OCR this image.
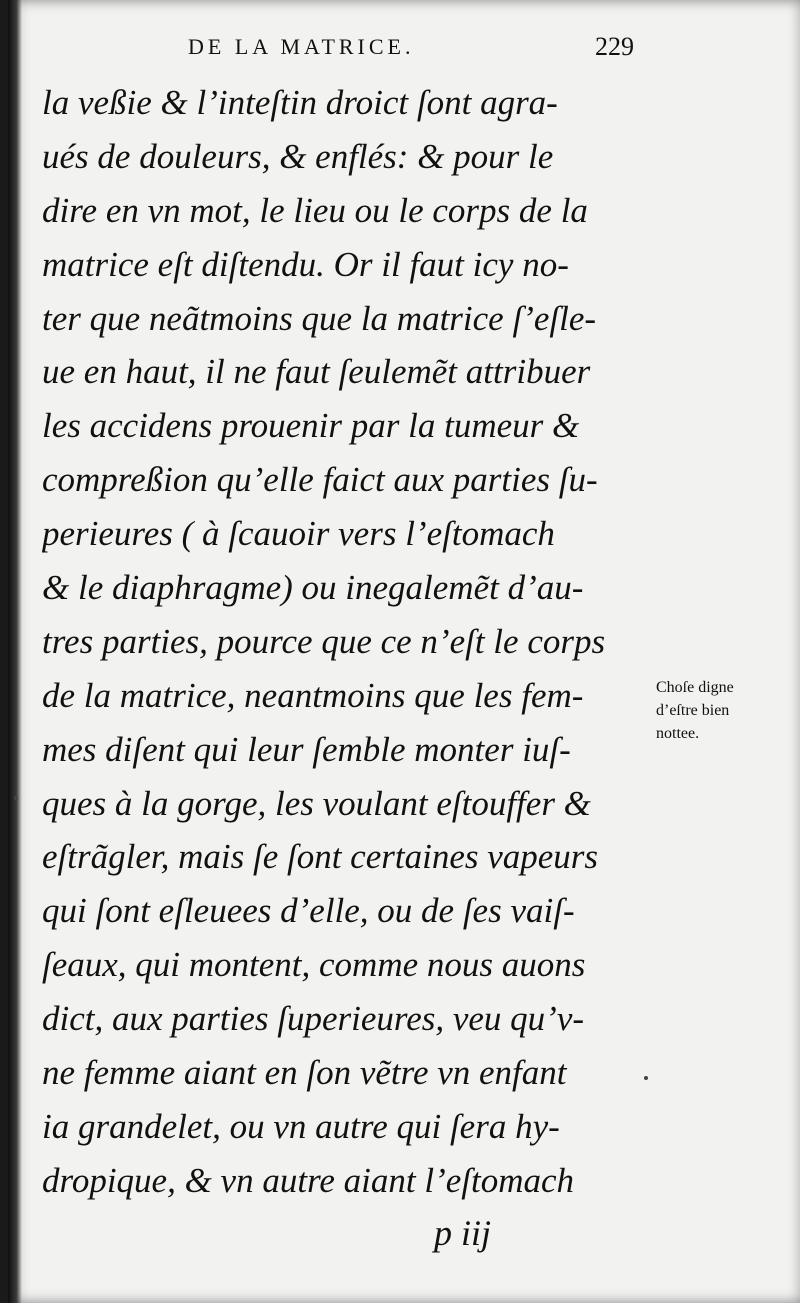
DE LA MATRICE.	229
la veßie & l’inteſtin droict ſont agra-
ués de douleurs, & enflés: & pour le
dire en vn mot, le lieu ou le corps de la
matrice eſt diſtendu. Or il faut icy no-
ter que neãtmoins que la matrice ſ’eſle-
ue en haut, il ne faut ſeulemẽt attribuer
les accidens prouenir par la tumeur &
compreßion qu’elle faict aux parties ſu-
perieures ( à ſcauoir vers l’eſtomach
& le diaphragme) ou inegalemẽt d’au-
tres parties, pource que ce n’eſt le corps
de la matrice, neantmoins que les fem-
mes diſent qui leur ſemble monter iuſ-
ques à la gorge, les voulant eſtouffer &
eſtrãgler, mais ſe ſont certaines vapeurs
qui ſont eſleuees d’elle, ou de ſes vaiſ-
ſeaux, qui montent, comme nous auons
dict, aux parties ſuperieures, veu qu’v-
ne femme aiant en ſon vẽtre vn enfant
ia grandelet, ou vn autre qui ſera hy-
dropique, & vn autre aiant l’eſtomach
Choſe digne
d’eſtre bien
nottee.
p iij
